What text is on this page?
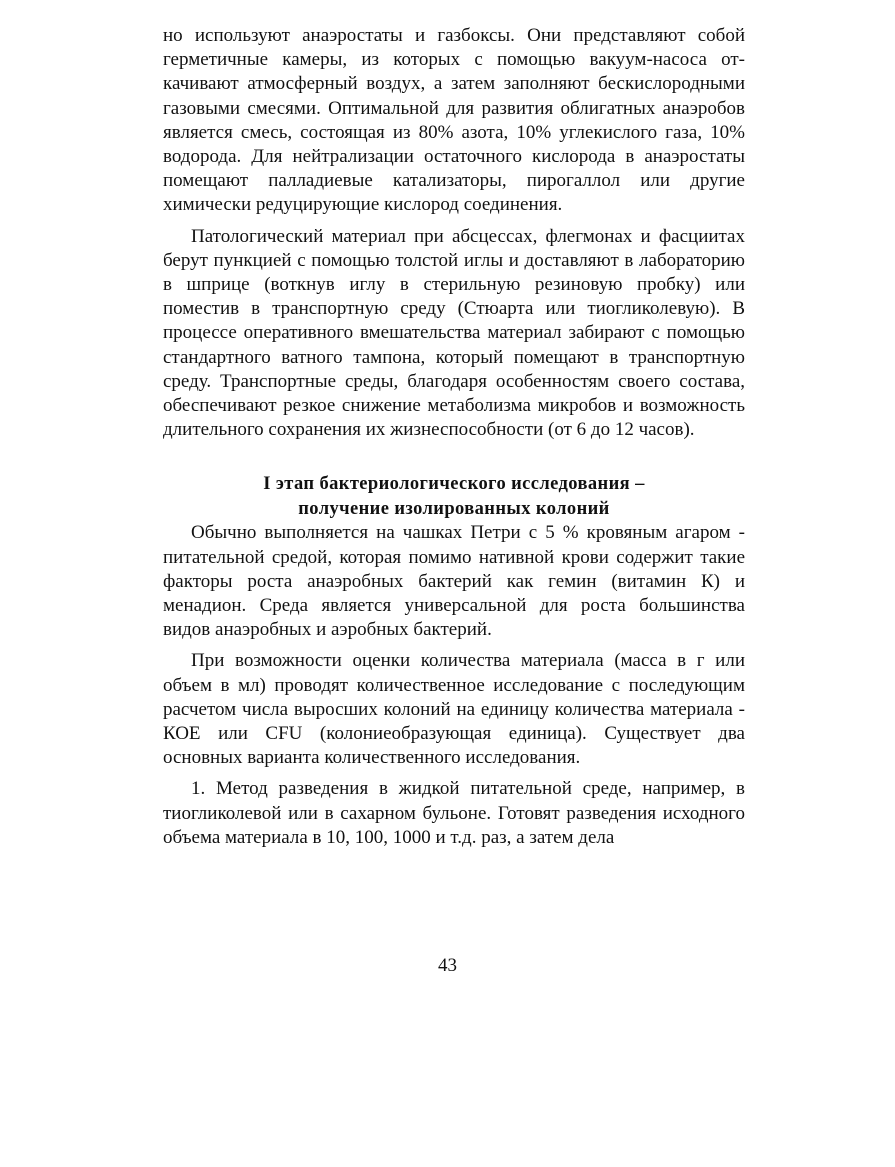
но используют анаэростаты и газбоксы. Они представляют собой герметичные камеры, из которых с помощью вакуум-насоса откачивают атмосферный воздух, а затем заполняют бескислородными газовыми смесями. Оптимальной для развития облигатных анаэробов является смесь, состоящая из 80% азота, 10% углекислого газа, 10% водорода. Для нейтрализации остаточного кислорода в анаэростаты помещают палладиевые катализаторы, пирогаллол или другие химически редуцирующие кислород соединения.

Патологический материал при абсцессах, флегмонах и фасциитах берут пункцией с помощью толстой иглы и доставляют в лабораторию в шприце (воткнув иглу в стерильную резиновую пробку) или поместив в транспортную среду (Стюарта или тиогликолевую). В процессе оперативного вмешательства материал забирают с помощью стандартного ватного тампона, который помещают в транспортную среду. Транспортные среды, благодаря особенностям своего состава, обеспечивают резкое снижение метаболизма микробов и возможность длительного сохранения их жизнеспособности (от 6 до 12 часов).

I этап бактериологического исследования –
получение изолированных колоний

Обычно выполняется на чашках Петри с 5 % кровяным агаром - питательной средой, которая помимо нативной крови содержит такие факторы роста анаэробных бактерий как гемин (витамин К) и менадион. Среда является универсальной для роста большинства видов анаэробных и аэробных бактерий.

При возможности оценки количества материала (масса в г или объем в мл) проводят количественное исследование с последующим расчетом числа выросших колоний на единицу количества материала - КОЕ или CFU (колониеобразующая единица). Существует два основных варианта количественного исследования.

1. Метод разведения в жидкой питательной среде, например, в тиогликолевой или в сахарном бульоне. Готовят разведения исходного объема материала в 10, 100, 1000 и т.д. раз, а затем дела

43
